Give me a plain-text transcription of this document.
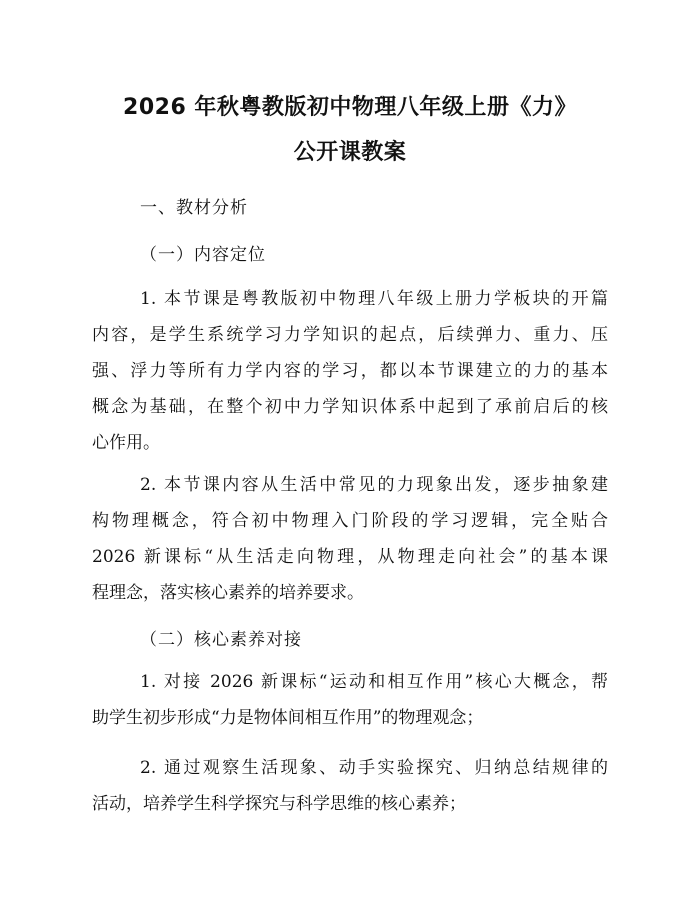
2026 年秋粤教版初中物理八年级上册《力》
公开课教案
一、教材分析
（一）内容定位
1. 本节课是粤教版初中物理八年级上册力学板块的开篇
内容，是学生系统学习力学知识的起点，后续弹力、重力、压
强、浮力等所有力学内容的学习，都以本节课建立的力的基本
概念为基础，在整个初中力学知识体系中起到了承前启后的核
心作用。
2. 本节课内容从生活中常见的力现象出发，逐步抽象建
构物理概念，符合初中物理入门阶段的学习逻辑，完全贴合
2026 新课标“从生活走向物理，从物理走向社会”的基本课
程理念，落实核心素养的培养要求。
（二）核心素养对接
1. 对接 2026 新课标“运动和相互作用”核心大概念，帮
助学生初步形成“力是物体间相互作用”的物理观念；
2. 通过观察生活现象、动手实验探究、归纳总结规律的
活动，培养学生科学探究与科学思维的核心素养；
